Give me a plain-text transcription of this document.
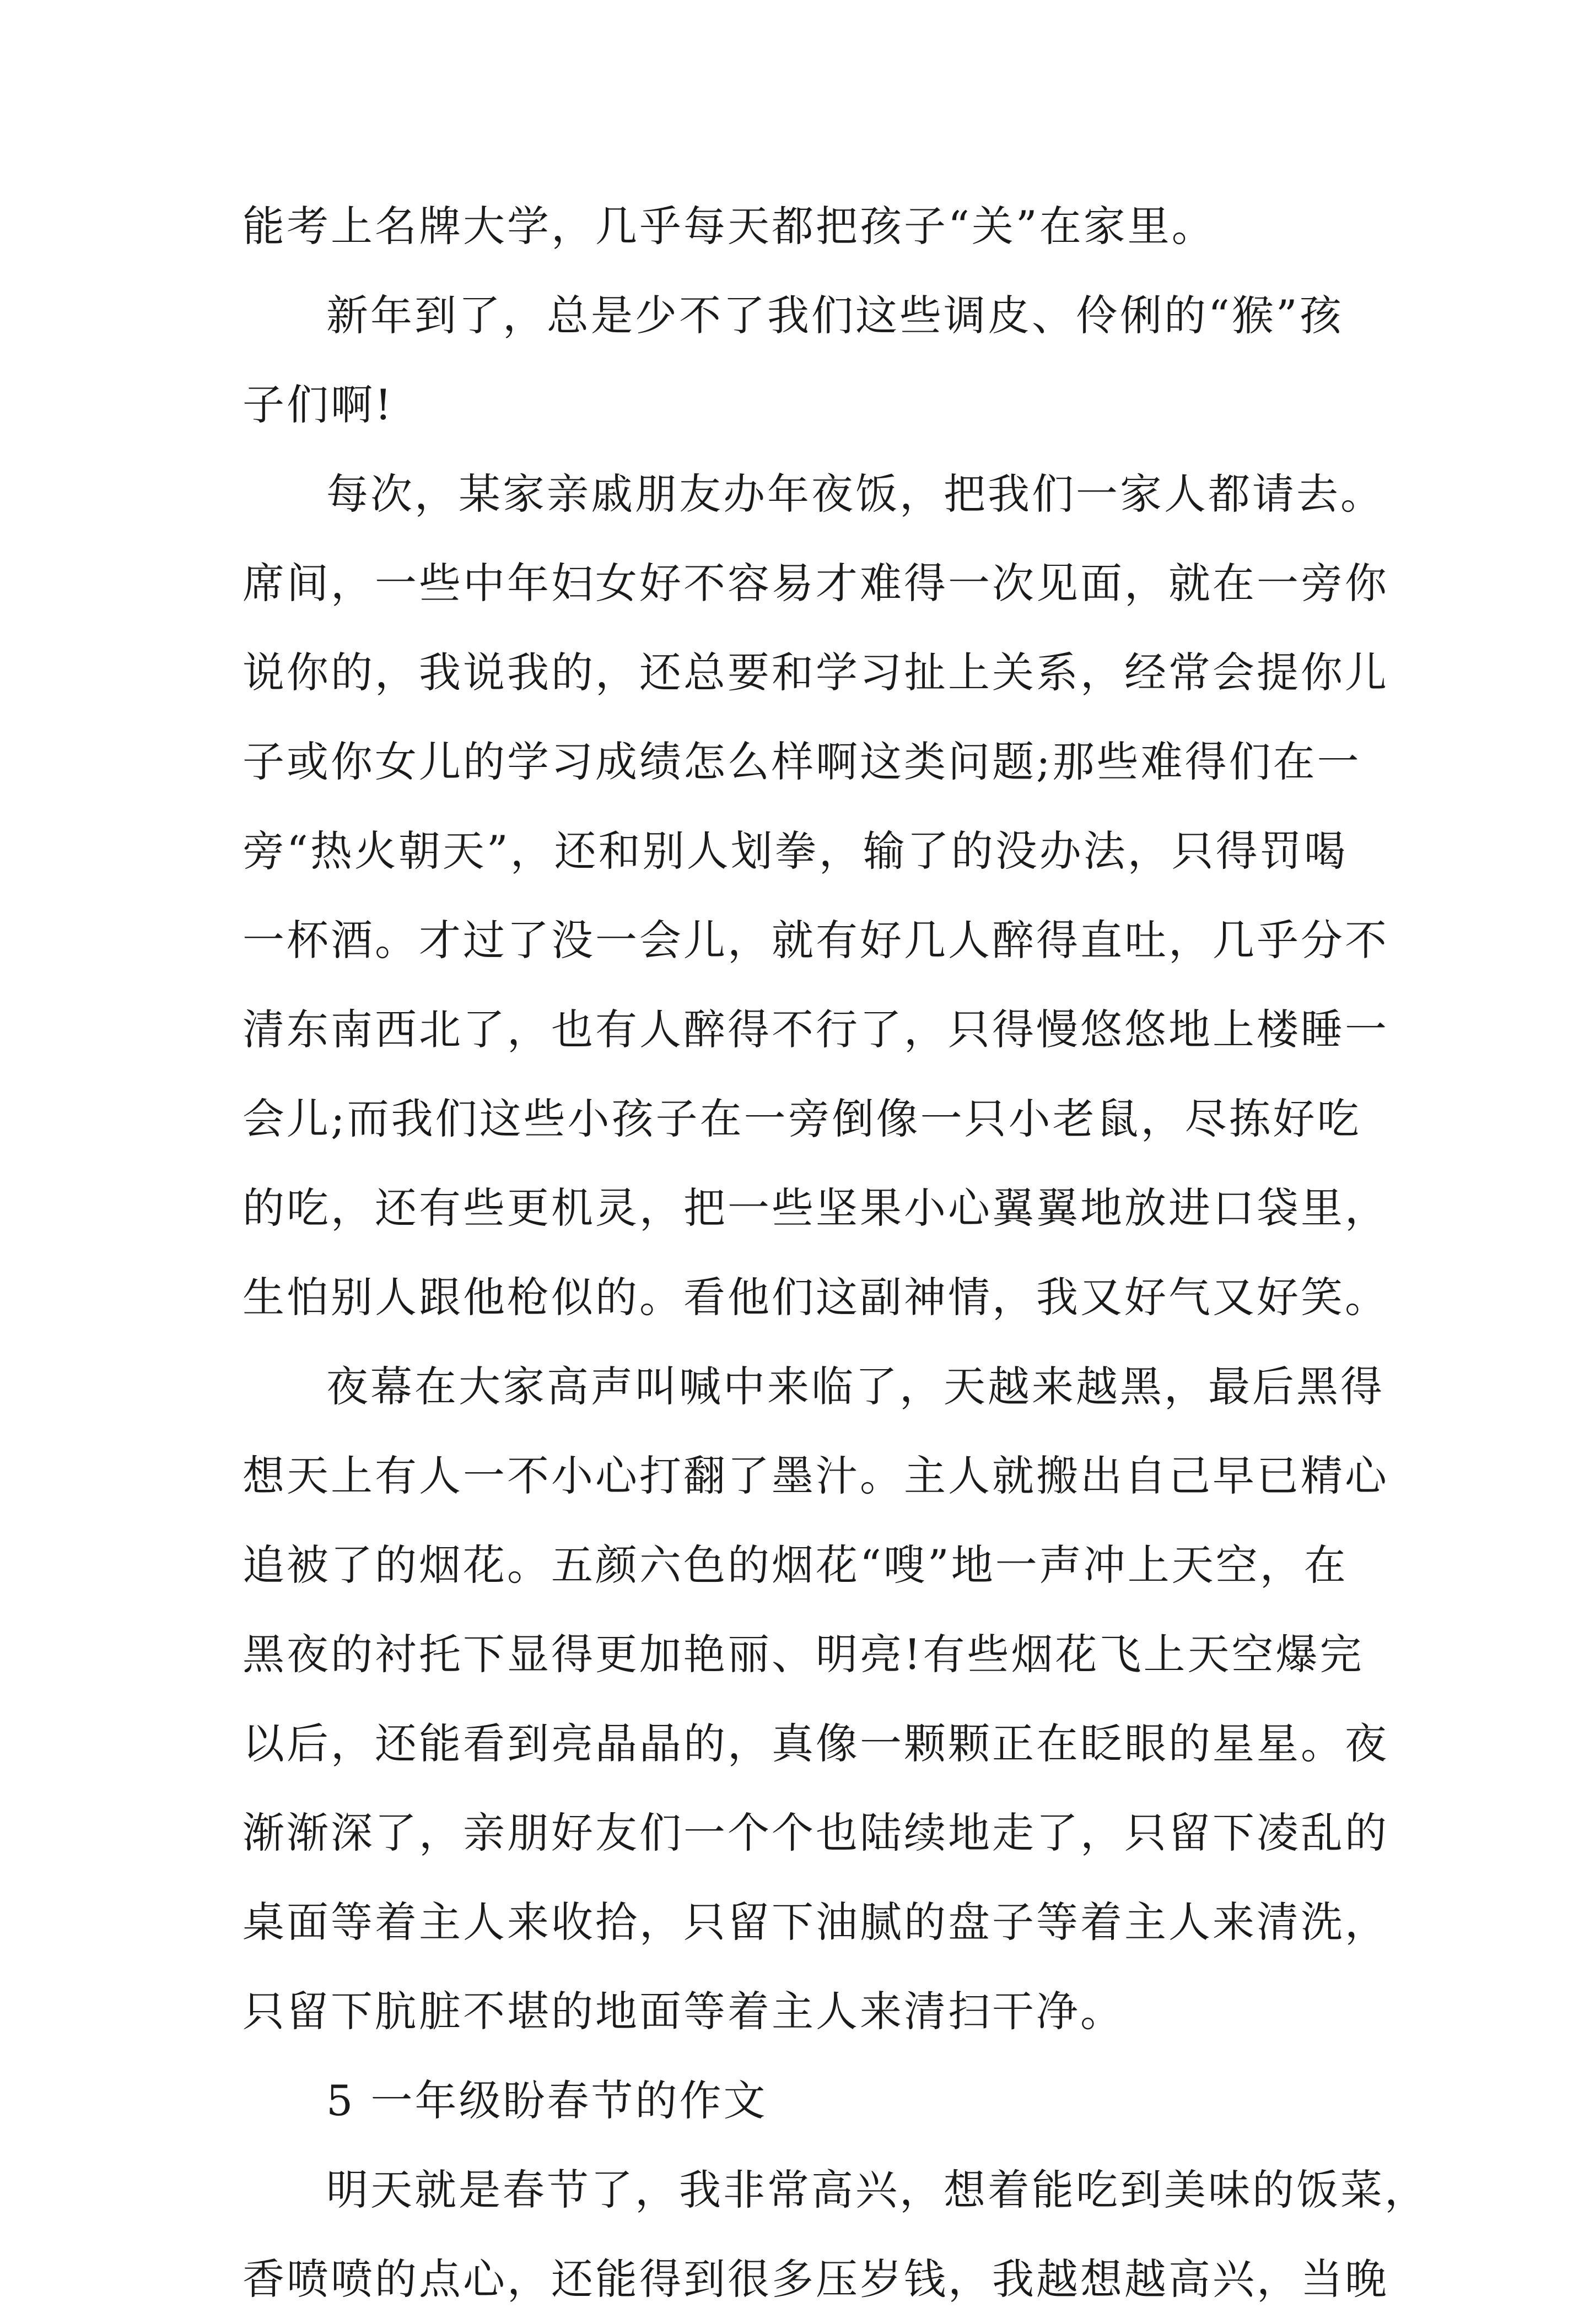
能考上名牌大学，几乎每天都把孩子“关”在家里。
新年到了，总是少不了我们这些调皮、伶俐的“猴”孩
子们啊!
每次，某家亲戚朋友办年夜饭，把我们一家人都请去。
席间，一些中年妇女好不容易才难得一次见面，就在一旁你
说你的，我说我的，还总要和学习扯上关系，经常会提你儿
子或你女儿的学习成绩怎么样啊这类问题;那些难得们在一
旁“热火朝天”，还和别人划拳，输了的没办法，只得罚喝
一杯酒。才过了没一会儿，就有好几人醉得直吐，几乎分不
清东南西北了，也有人醉得不行了，只得慢悠悠地上楼睡一
会儿;而我们这些小孩子在一旁倒像一只小老鼠，尽拣好吃
的吃，还有些更机灵，把一些坚果小心翼翼地放进口袋里，
生怕别人跟他枪似的。看他们这副神情，我又好气又好笑。
夜幕在大家高声叫喊中来临了，天越来越黑，最后黑得
想天上有人一不小心打翻了墨汁。主人就搬出自己早已精心
追被了的烟花。五颜六色的烟花“嗖”地一声冲上天空，在
黑夜的衬托下显得更加艳丽、明亮!有些烟花飞上天空爆完
以后，还能看到亮晶晶的，真像一颗颗正在眨眼的星星。夜
渐渐深了，亲朋好友们一个个也陆续地走了，只留下凌乱的
桌面等着主人来收拾，只留下油腻的盘子等着主人来清洗，
只留下肮脏不堪的地面等着主人来清扫干净。
5 一年级盼春节的作文
明天就是春节了，我非常高兴，想着能吃到美味的饭菜，
香喷喷的点心，还能得到很多压岁钱，我越想越高兴，当晚
